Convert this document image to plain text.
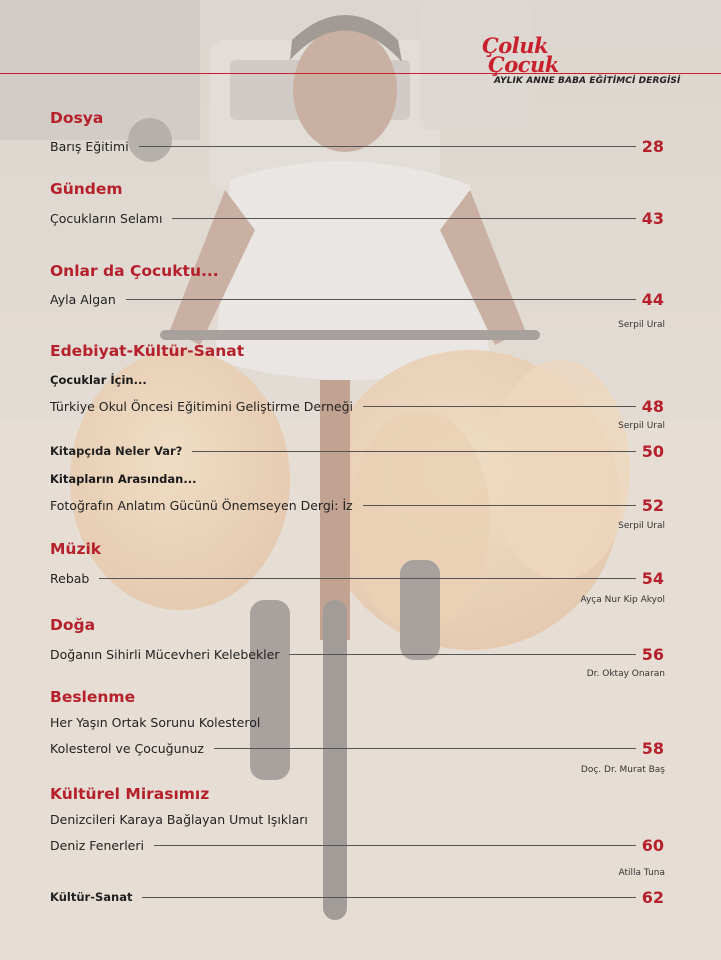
Çoluk
Çocuk
AYLIK ANNE BABA EĞİTİMCİ DERGİSİ
Dosya
Barış Eğitimi	28
Gündem
Çocukların Selamı	43
Onlar da Çocuktu...
Ayla Algan	44
Serpil Ural
Edebiyat-Kültür-Sanat
Çocuklar İçin...
Türkiye Okul Öncesi Eğitimini Geliştirme Derneği	48
Serpil Ural
Kitapçıda Neler Var?	50
Kitapların Arasından...
Fotoğrafın Anlatım Gücünü Önemseyen Dergi: İz	52
Serpil Ural
Müzik
Rebab	54
Ayça Nur Kip Akyol
Doğa
Doğanın Sihirli Mücevheri Kelebekler	56
Dr. Oktay Onaran
Beslenme
Her Yaşın Ortak Sorunu Kolesterol
Kolesterol ve Çocuğunuz	58
Doç. Dr. Murat Baş
Kültürel Mirasımız
Denizcileri Karaya Bağlayan Umut Işıkları
Deniz Fenerleri	60
Atilla Tuna
Kültür-Sanat	62
